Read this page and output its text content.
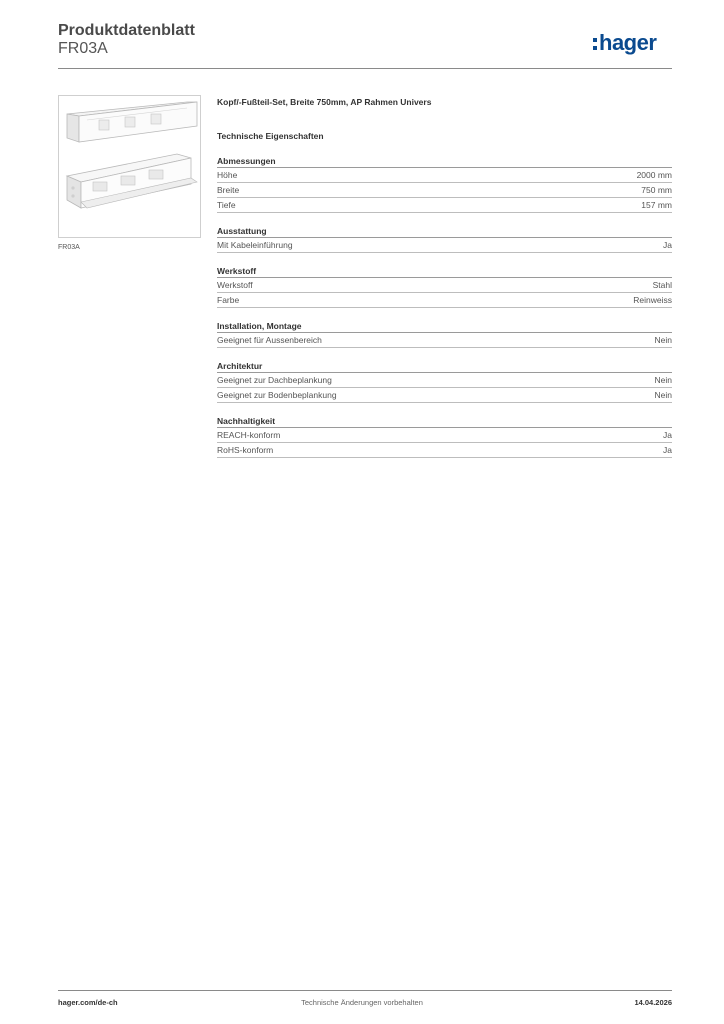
Produktdatenblatt
FR03A	hager
FR03A
Kopf/-Fußteil-Set, Breite 750mm, AP Rahmen Univers
Technische Eigenschaften
Abmessungen
Höhe	2000 mm
Breite	750 mm
Tiefe	157 mm
Ausstattung
Mit Kabeleinführung	Ja
Werkstoff
Werkstoff	Stahl
Farbe	Reinweiss
Installation, Montage
Geeignet für Aussenbereich	Nein
Architektur
Geeignet zur Dachbeplankung	Nein
Geeignet zur Bodenbeplankung	Nein
Nachhaltigkeit
REACH-konform	Ja
RoHS-konform	Ja
hager.com/de-ch	Technische Änderungen vorbehalten	14.04.2026
